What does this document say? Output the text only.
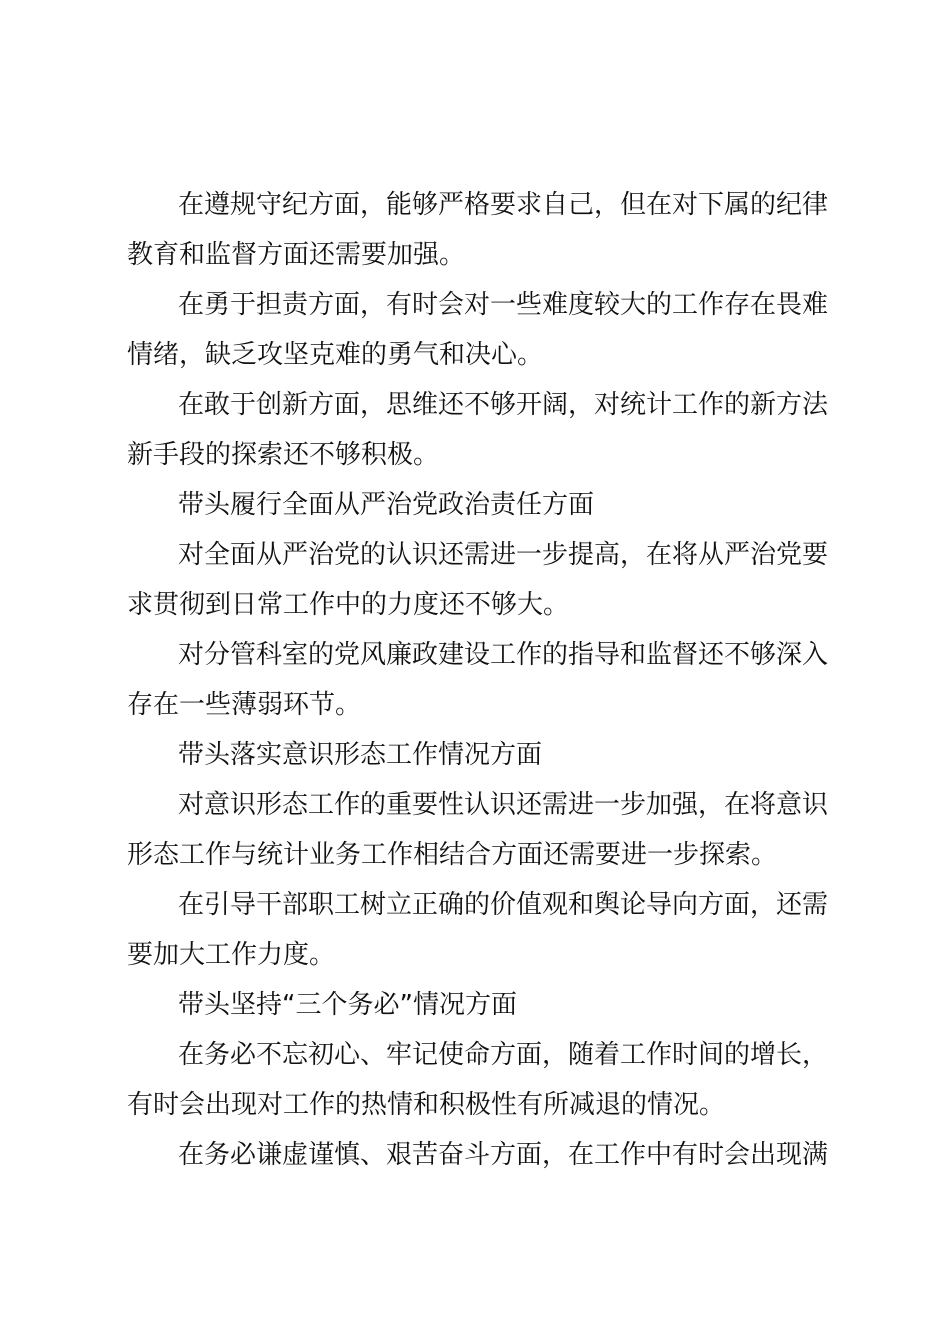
在遵规守纪方面，能够严格要求自己，但在对下属的纪律
教育和监督方面还需要加强。
在勇于担责方面，有时会对一些难度较大的工作存在畏难
情绪，缺乏攻坚克难的勇气和决心。
在敢于创新方面，思维还不够开阔，对统计工作的新方法
新手段的探索还不够积极。
带头履行全面从严治党政治责任方面
对全面从严治党的认识还需进一步提高，在将从严治党要
求贯彻到日常工作中的力度还不够大。
对分管科室的党风廉政建设工作的指导和监督还不够深入
存在一些薄弱环节。
带头落实意识形态工作情况方面
对意识形态工作的重要性认识还需进一步加强，在将意识
形态工作与统计业务工作相结合方面还需要进一步探索。
在引导干部职工树立正确的价值观和舆论导向方面，还需
要加大工作力度。
带头坚持“三个务必”情况方面
在务必不忘初心、牢记使命方面，随着工作时间的增长，
有时会出现对工作的热情和积极性有所减退的情况。
在务必谦虚谨慎、艰苦奋斗方面，在工作中有时会出现满
